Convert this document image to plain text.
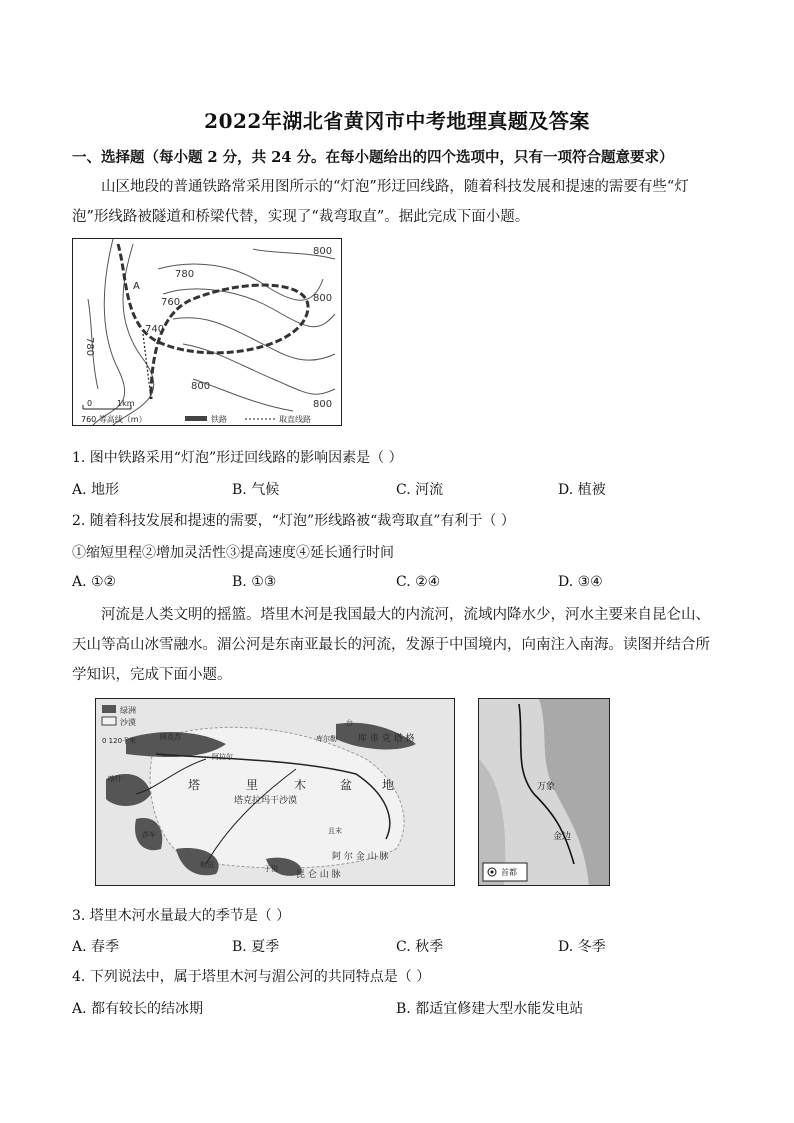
2022年湖北省黄冈市中考地理真题及答案
一、选择题（每小题 2 分，共 24 分。在每小题给出的四个选项中，只有一项符合题意要求）
山区地段的普通铁路常采用图所示的“灯泡”形迂回线路，随着科技发展和提速的需要有些“灯泡”形线路被隧道和桥梁代替，实现了“裁弯取直”。据此完成下面小题。
A
780
760
740
800
780
800
800
800
0	1km
760 等高线（m）	铁路	取直线路
1. 图中铁路采用“灯泡”形迂回线路的影响因素是（ ）
A. 地形	B. 气候	C. 河流	D. 植被
2. 随着科技发展和提速的需要，“灯泡”形线路被“裁弯取直”有利于（ ）
①缩短里程②增加灵活性③提高速度④延长通行时间
A. ①②	B. ①③	C. ②④	D. ③④
河流是人类文明的摇篮。塔里木河是我国最大的内流河，流域内降水少，河水主要来自昆仑山、天山等高山冰雪融水。湄公河是东南亚最长的河流，发源于中国境内，向南注入南海。读图并结合所学知识，完成下面小题。
绿洲
沙漠
0 120千米
塔	里	木	盆 地
塔克拉玛干沙漠
昆 仑 山 脉
阿 尔 金 山 脉
库 車 克 塔 格
阿克苏
阿拉尔
喀什
莎车
和田	于田
且末
库尔勒
台
万象
金边
首都
3. 塔里木河水量最大的季节是（ ）
A. 春季	B. 夏季	C. 秋季	D. 冬季
4. 下列说法中，属于塔里木河与湄公河的共同特点是（ ）
A. 都有较长的结冰期	B. 都适宜修建大型水能发电站
